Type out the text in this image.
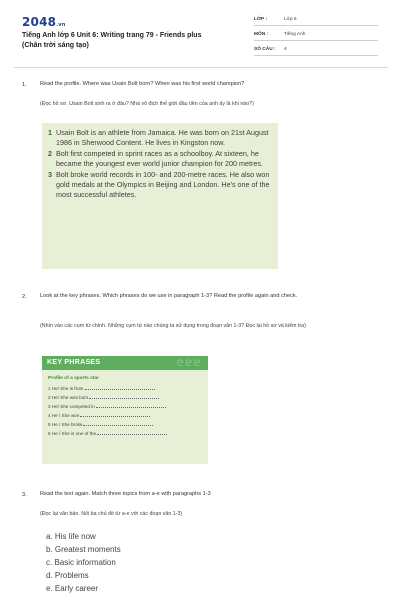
2048.vn
Tiếng Anh lớp 6 Unit 6: Writing trang 79 - Friends plus
(Chân trời sáng tạo)
LỚP :	Lớp 6
MÔN :	Tiếng Anh
SỐ CÂU : 4
1. Read the profile. Where was Usain Bolt born? When was his first world champion?
(Đọc hồ sơ. Usain Bolt sinh ra ở đâu? Nhà vô địch thế giới đầu tiên của anh ấy là khi nào?)
1 Usain Bolt is an athlete from Jamaica. He was born on 21st August 1986 in Sherwood Content. He lives in Kingston now.
2 Bolt first competed in sprint races as a schoolboy. At sixteen, he became the youngest ever world junior champion for 200 metres.
3 Bolt broke world records in 100- and 200-metre races. He also won gold medals at the Olympics in Beijing and London. He's one of the most successful athletes.
2. Look at the key phrases. Which phrases do we use in paragraph 1-3? Read the profile again and check.
(Nhìn vào các cụm từ chính. Những cụm từ nào chúng ta sử dụng trong đoạn văn 1-3? Đọc lại hồ sơ và kiểm tra)
KEY PHRASES	ᘓᘓᘓ
Profile of a sports star
1 He/ She is from
2 He/ She was born
3 He/ She competed in
4 He / She won
5 He / She broke
6 He / She is one of the
3. Read the text again. Match three topics from a-e with paragraphs 1-3
(Đọc lại văn bản. Nối ba chủ đề từ a-e với các đoạn văn 1-3)
a. His life now
b. Greatest moments
c. Basic information
d. Problems
e. Early career
